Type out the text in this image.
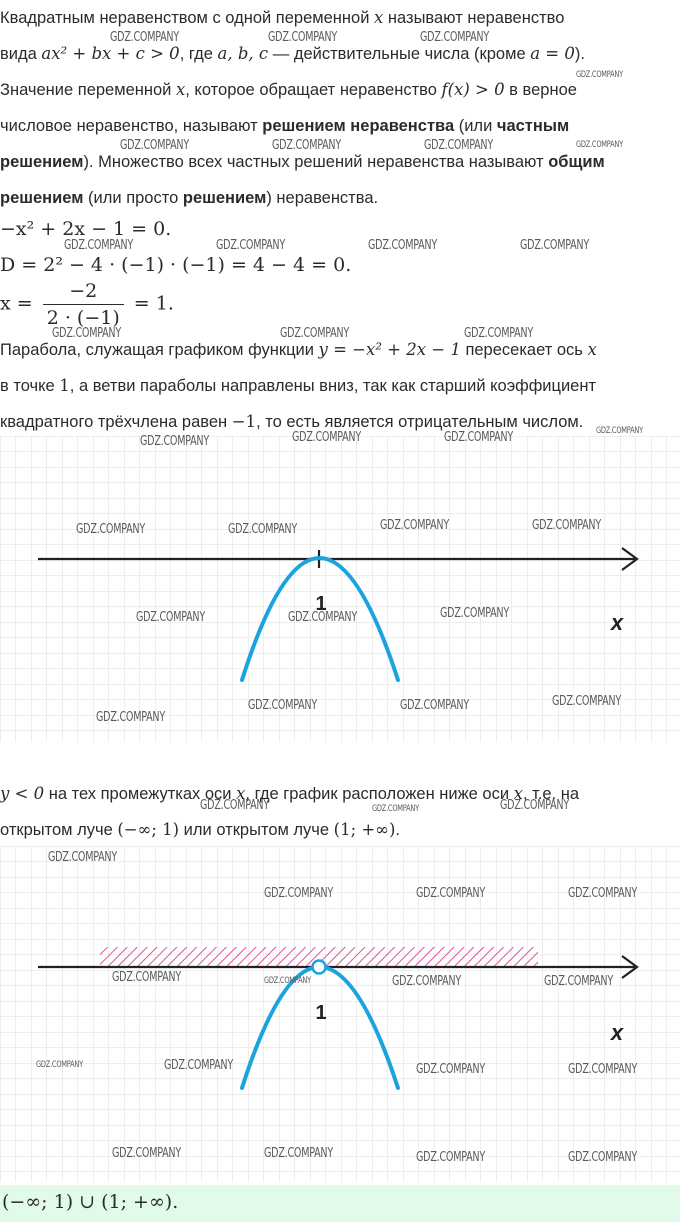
Квадратным неравенством с одной переменной x называют неравенство
вида ax² + bx + c > 0, где a, b, c — действительные числа (кроме a = 0).
Значение переменной x, которое обращает неравенство f(x) > 0 в верное
числовое неравенство, называют решением неравенства (или частным
решением). Множество всех частных решений неравенства называют общим
решением (или просто решением) неравенства.
−x² + 2x − 1 = 0.
D = 2² − 4 · (−1) · (−1) = 4 − 4 = 0.
$x = \frac{-2}{2 \cdot (-1)} = 1$.
Парабола, служащая графиком функции y = −x² + 2x − 1 пересекает ось x
в точке 1, а ветви параболы направлены вниз, так как старший коэффициент
квадратного трёхчлена равен −1, то есть является отрицательным числом.
1
x
y < 0 на тех промежутках оси x, где график расположен ниже оси x, т.е. на
открытом луче (−∞; 1) или открытом луче (1; +∞).
1
x
(−∞; 1) ∪ (1; +∞).
GDZ.COMPANY	GDZ.COMPANY	GDZ.COMPANY
GDZ.COMPANY
GDZ.COMPANY	GDZ.COMPANY	GDZ.COMPANY	GDZ.COMPANY
GDZ.COMPANY	GDZ.COMPANY	GDZ.COMPANY	GDZ.COMPANY
GDZ.COMPANY	GDZ.COMPANY	GDZ.COMPANY
GDZ.COMPANY	GDZ.COMPANY	GDZ.COMPANY	GDZ.COMPANY
GDZ.COMPANY	GDZ.COMPANY	GDZ.COMPANY	GDZ.COMPANY
GDZ.COMPANY	GDZ.COMPANY	GDZ.COMPANY
GDZ.COMPANY
GDZ.COMPANY	GDZ.COMPANY	GDZ.COMPANY
GDZ.COMPANY	GDZ.COMPANY	GDZ.COMPANY
GDZ.COMPANY
GDZ.COMPANY	GDZ.COMPANY	GDZ.COMPANY
GDZ.COMPANY	GDZ.COMPANY	GDZ.COMPANY	GDZ.COMPANY
GDZ.COMPANY	GDZ.COMPANY	GDZ.COMPANY	GDZ.COMPANY
GDZ.COMPANY	GDZ.COMPANY	GDZ.COMPANY	GDZ.COMPANY
